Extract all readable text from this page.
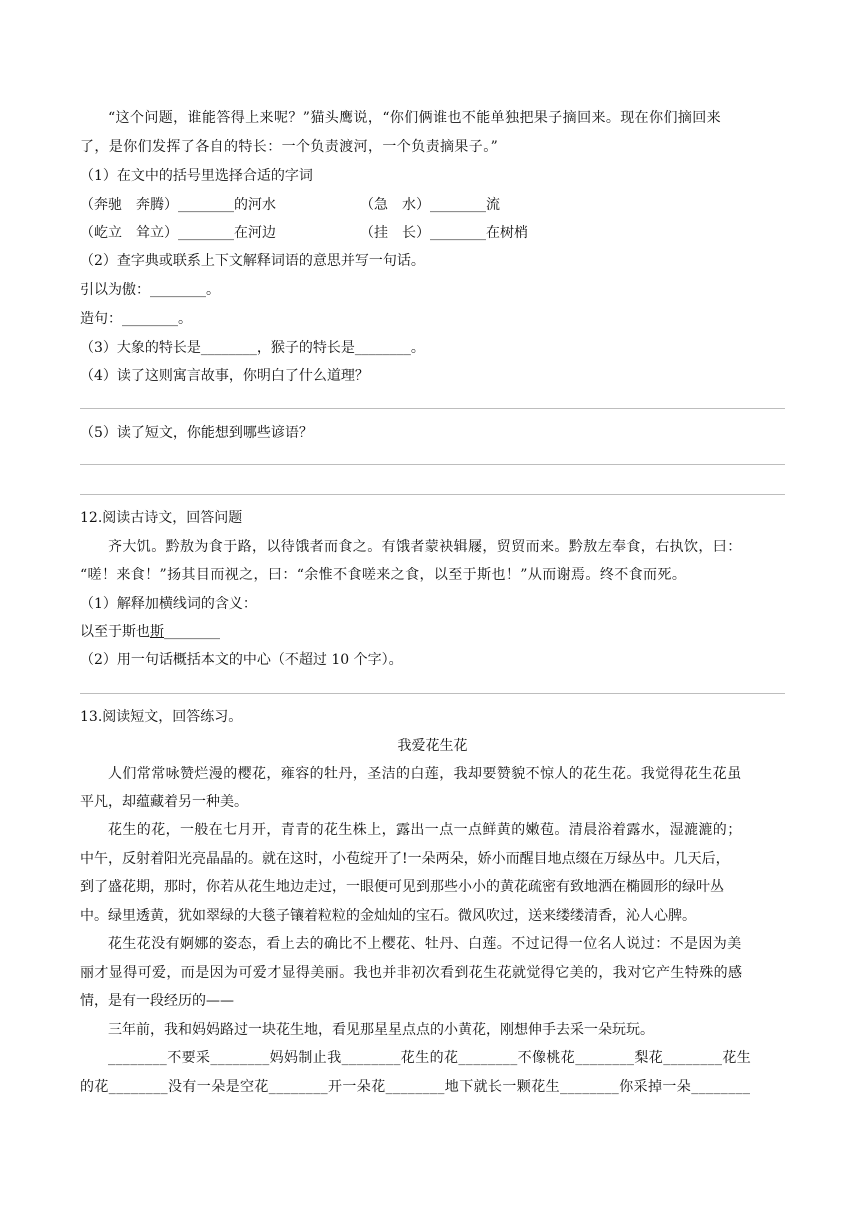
“这个问题，谁能答得上来呢？”猫头鹰说，“你们俩谁也不能单独把果子摘回来。现在你们摘回来
了，是你们发挥了各自的特长：一个负责渡河，一个负责摘果子。”
（1）在文中的括号里选择合适的字词
（奔驰　奔腾）________的河水	（急　水）________流
（屹立　耸立）________在河边	（挂　长）________在树梢
（2）查字典或联系上下文解释词语的意思并写一句话。
引以为傲：________。
造句：________。
（3）大象的特长是________，猴子的特长是________。
（4）读了这则寓言故事，你明白了什么道理？
（5）读了短文，你能想到哪些谚语？
12.阅读古诗文，回答问题
齐大饥。黔敖为食于路，以待饿者而食之。有饿者蒙袂辑屦，贸贸而来。黔敖左奉食，右执饮，曰：
“嗟！来食！”扬其目而视之，曰：“余惟不食嗟来之食，以至于斯也！”从而谢焉。终不食而死。
（1）解释加横线词的含义：
以至于斯也斯________
（2）用一句话概括本文的中心（不超过 10 个字）。
13.阅读短文，回答练习。
我爱花生花
人们常常咏赞烂漫的樱花，雍容的牡丹，圣洁的白莲，我却要赞貌不惊人的花生花。我觉得花生花虽
平凡，却蕴藏着另一种美。
花生的花，一般在七月开，青青的花生株上，露出一点一点鲜黄的嫩苞。清晨浴着露水，湿漉漉的；
中午，反射着阳光亮晶晶的。就在这时，小苞绽开了!一朵两朵，娇小而醒目地点缀在万绿丛中。几天后，
到了盛花期，那时，你若从花生地边走过，一眼便可见到那些小小的黄花疏密有致地洒在椭圆形的绿叶丛
中。绿里透黄，犹如翠绿的大毯子镶着粒粒的金灿灿的宝石。微风吹过，送来缕缕清香，沁人心脾。
花生花没有婀娜的姿态，看上去的确比不上樱花、牡丹、白莲。不过记得一位名人说过：不是因为美
丽才显得可爱，而是因为可爱才显得美丽。我也并非初次看到花生花就觉得它美的，我对它产生特殊的感
情，是有一段经历的——
三年前，我和妈妈路过一块花生地，看见那星星点点的小黄花，刚想伸手去采一朵玩玩。
________不要采________妈妈制止我________花生的花________不像桃花________梨花________花生
的花________没有一朵是空花________开一朵花________地下就长一颗花生________你采掉一朵________
